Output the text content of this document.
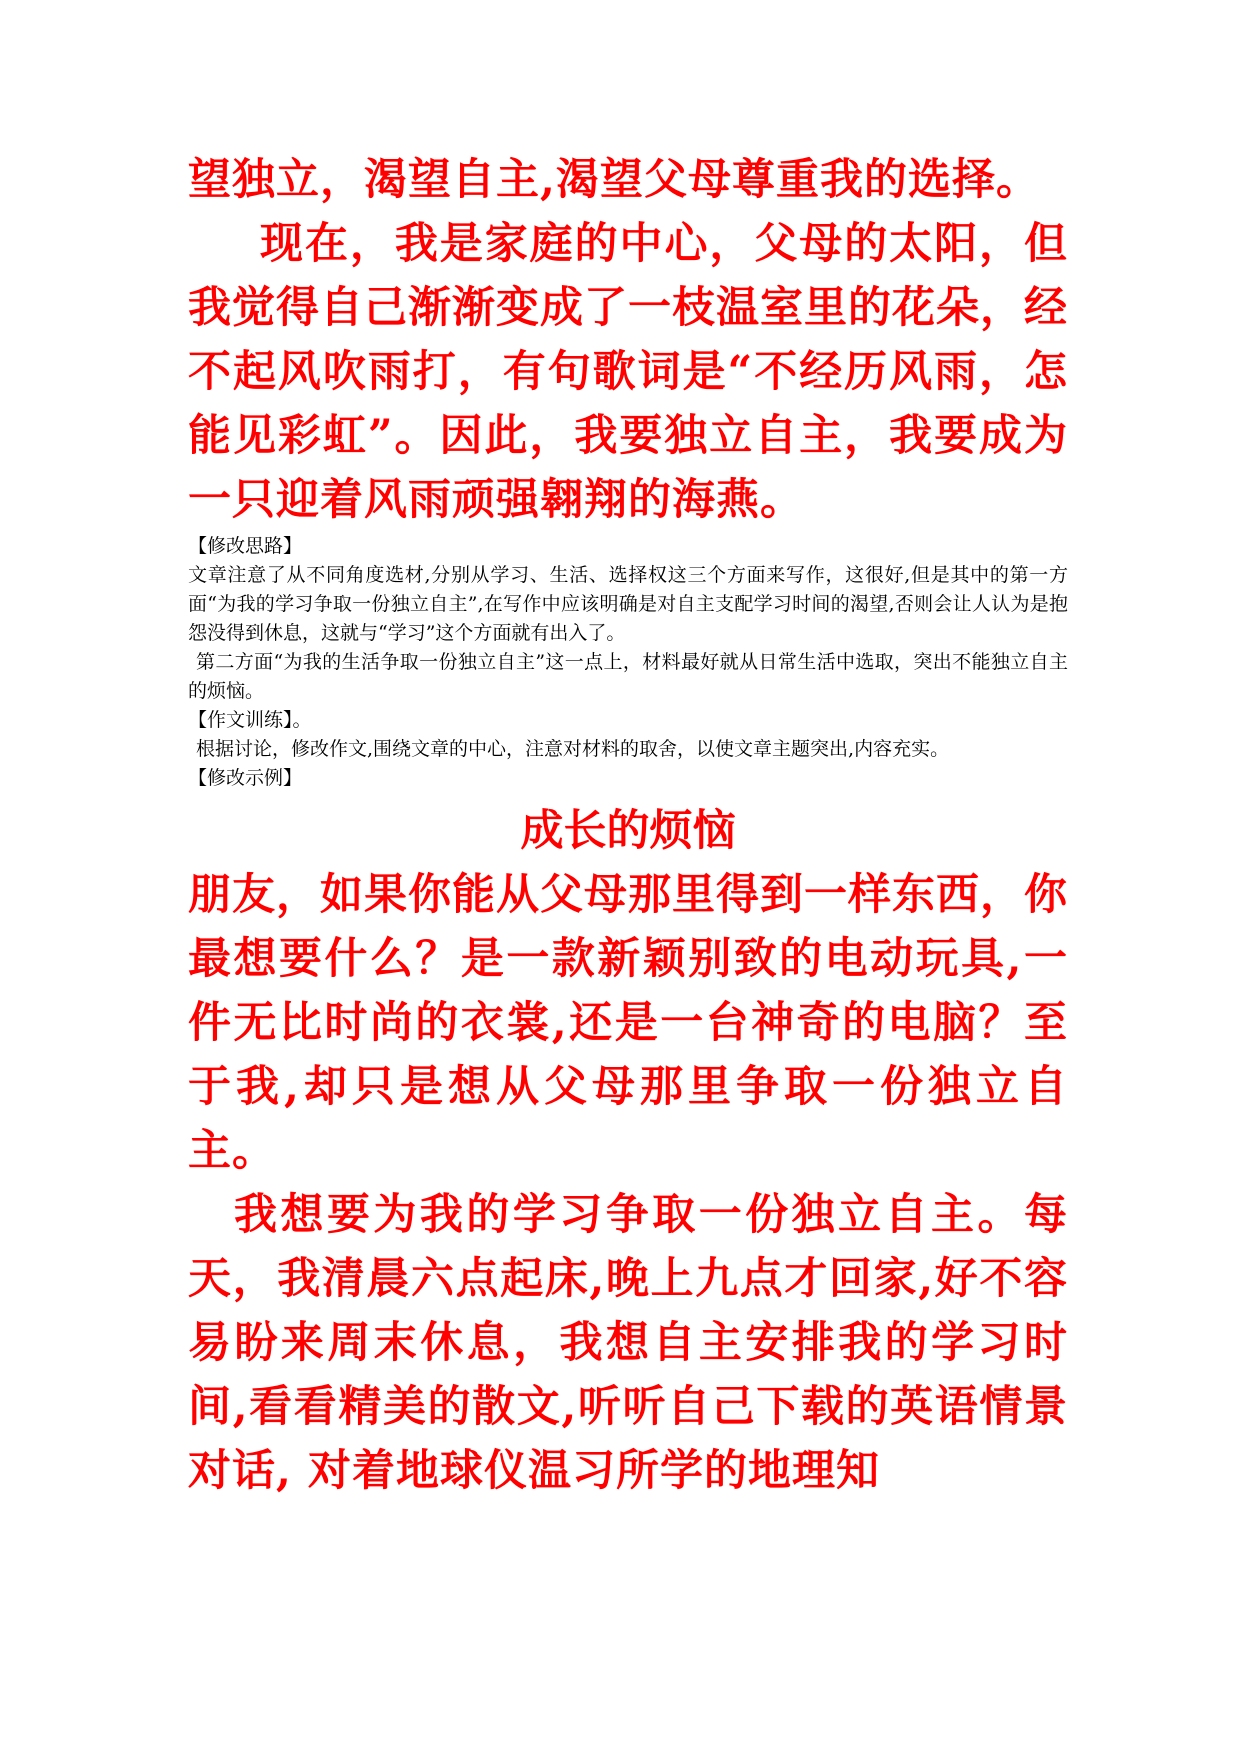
望独立，渴望自主,渴望父母尊重我的选择。

现在，我是家庭的中心，父母的太阳，但我觉得自己渐渐变成了一枝温室里的花朵，经不起风吹雨打，有句歌词是“不经历风雨，怎能见彩虹”。因此，我要独立自主，我要成为一只迎着风雨顽强翱翔的海燕。

【修改思路】

文章注意了从不同角度选材,分别从学习、生活、选择权这三个方面来写作，这很好,但是其中的第一方面“为我的学习争取一份独立自主”,在写作中应该明确是对自主支配学习时间的渴望,否则会让人认为是抱怨没得到休息，这就与“学习”这个方面就有出入了。

第二方面“为我的生活争取一份独立自主”这一点上，材料最好就从日常生活中选取，突出不能独立自主的烦恼。

【作文训练】。

根据讨论，修改作文,围绕文章的中心，注意对材料的取舍，以使文章主题突出,内容充实。

【修改示例】

成长的烦恼

朋友，如果你能从父母那里得到一样东西，你最想要什么？是一款新颖别致的电动玩具,一件无比时尚的衣裳,还是一台神奇的电脑？至于我,却只是想从父母那里争取一份独立自主。

我想要为我的学习争取一份独立自主。每天，我清晨六点起床,晚上九点才回家,好不容易盼来周末休息，我想自主安排我的学习时间,看看精美的散文,听听自己下载的英语情景对话, 对着地球仪温习所学的地理知
